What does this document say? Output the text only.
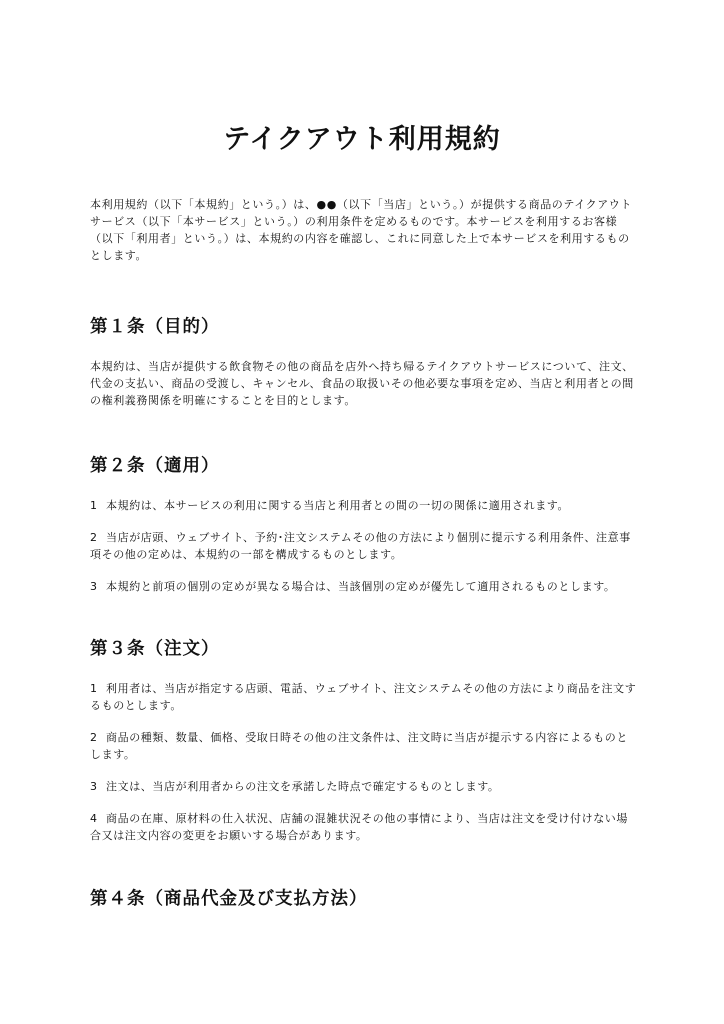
テイクアウト利用規約

本利用規約（以下「本規約」という。）は、●●（以下「当店」という。）が提供する商品のテイクアウトサービス（以下「本サービス」という。）の利用条件を定めるものです。本サービスを利用するお客様（以下「利用者」という。）は、本規約の内容を確認し、これに同意した上で本サービスを利用するものとします。

第１条（目的）

本規約は、当店が提供する飲食物その他の商品を店外へ持ち帰るテイクアウトサービスについて、注文、代金の支払い、商品の受渡し、キャンセル、食品の取扱いその他必要な事項を定め、当店と利用者との間の権利義務関係を明確にすることを目的とします。

第２条（適用）

1 本規約は、本サービスの利用に関する当店と利用者との間の一切の関係に適用されます。

2 当店が店頭、ウェブサイト、予約･注文システムその他の方法により個別に提示する利用条件、注意事項その他の定めは、本規約の一部を構成するものとします。

3 本規約と前項の個別の定めが異なる場合は、当該個別の定めが優先して適用されるものとします。

第３条（注文）

1 利用者は、当店が指定する店頭、電話、ウェブサイト、注文システムその他の方法により商品を注文するものとします。

2 商品の種類、数量、価格、受取日時その他の注文条件は、注文時に当店が提示する内容によるものとします。

3 注文は、当店が利用者からの注文を承諾した時点で確定するものとします。

4 商品の在庫、原材料の仕入状況、店舗の混雑状況その他の事情により、当店は注文を受け付けない場合又は注文内容の変更をお願いする場合があります。

第４条（商品代金及び支払方法）
